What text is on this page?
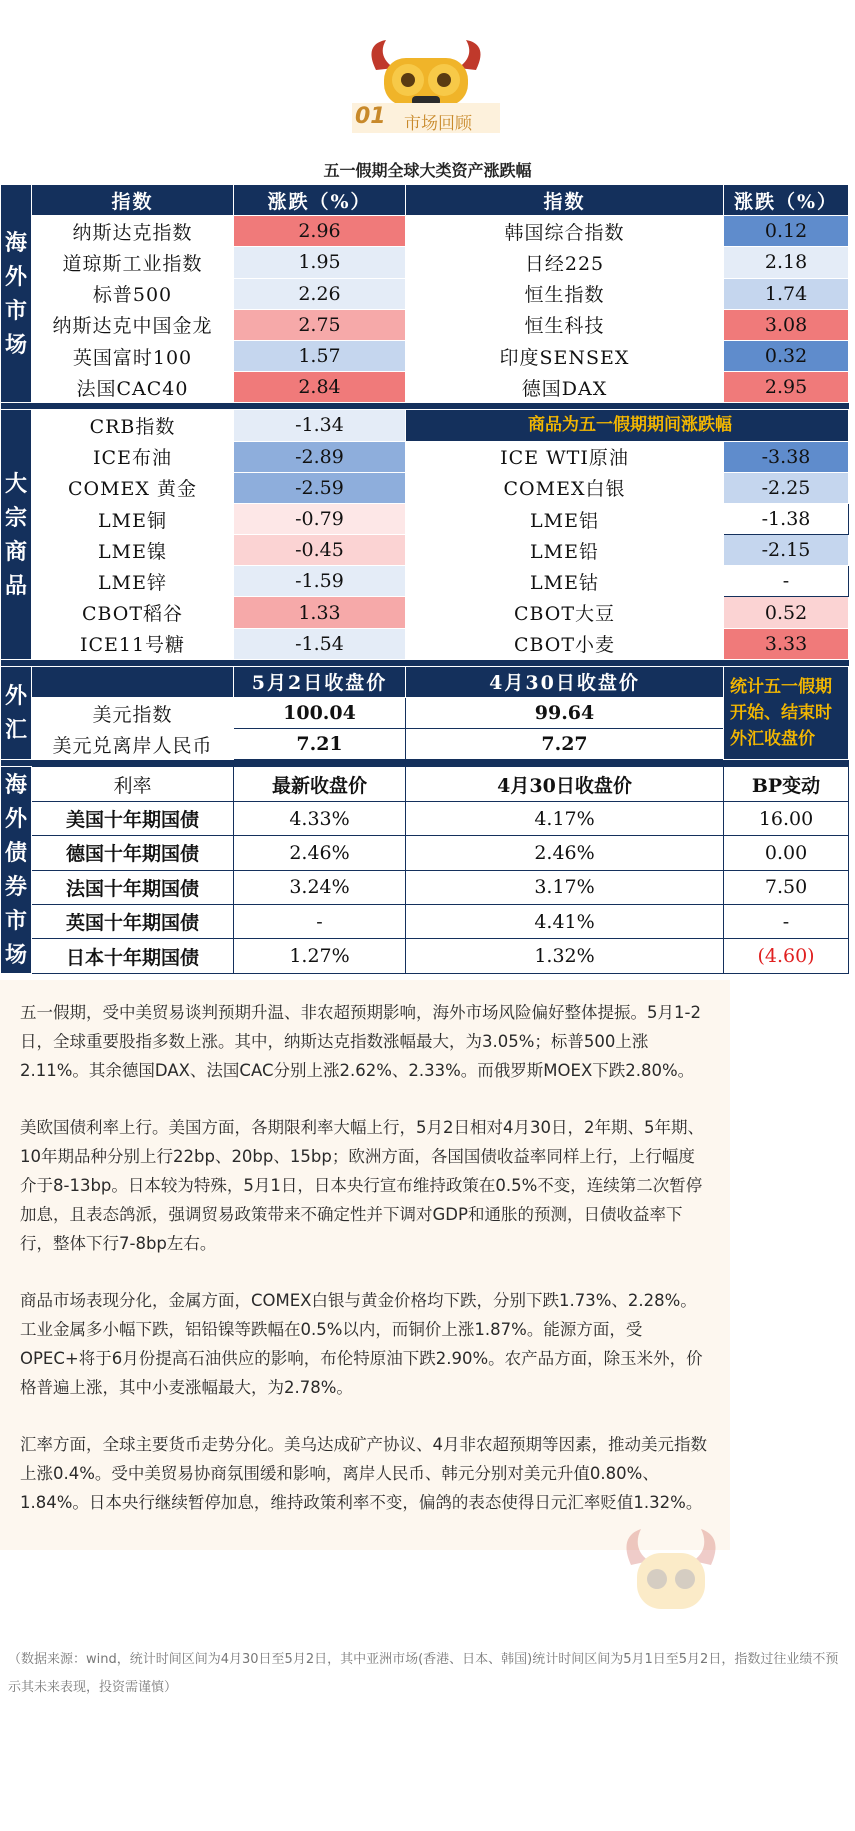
01 市场回顾
五一假期全球大类资产涨跌幅
海外市场	指数	涨跌（%）	指数	涨跌（%）
	纳斯达克指数	2.96	韩国综合指数	0.12
	道琼斯工业指数	1.95	日经225	2.18
	标普500	2.26	恒生指数	1.74
	纳斯达克中国金龙	2.75	恒生科技	3.08
	英国富时100	1.57	印度SENSEX	0.32
	法国CAC40	2.84	德国DAX	2.95

大宗商品	CRB指数	-1.34	商品为五一假期期间涨跌幅	
	ICE布油	-2.89	ICE WTI原油	-3.38
	COMEX 黄金	-2.59	COMEX白银	-2.25
	LME铜	-0.79	LME铝	-1.38
	LME镍	-0.45	LME铅	-2.15
	LME锌	-1.59	LME钴	-
	CBOT稻谷	1.33	CBOT大豆	0.52
	ICE11号糖	-1.54	CBOT小麦	3.33

外汇		5月2日收盘价	4月30日收盘价	统计五一假期开始、结束时外汇收盘价
	美元指数	100.04	99.64	
	美元兑离岸人民币	7.21	7.27	

海外债券市场	利率	最新收盘价	4月30日收盘价	BP变动
	美国十年期国债	4.33%	4.17%	16.00
	德国十年期国债	2.46%	2.46%	0.00
	法国十年期国债	3.24%	3.17%	7.50
	英国十年期国债	-	4.41%	-
	日本十年期国债	1.27%	1.32%	(4.60)

五一假期，受中美贸易谈判预期升温、非农超预期影响，海外市场风险偏好整体提振。5月1-2日，全球重要股指多数上涨。其中，纳斯达克指数涨幅最大，为3.05%；标普500上涨2.11%。其余德国DAX、法国CAC分别上涨2.62%、2.33%。而俄罗斯MOEX下跌2.80%。

美欧国债利率上行。美国方面，各期限利率大幅上行，5月2日相对4月30日，2年期、5年期、10年期品种分别上行22bp、20bp、15bp；欧洲方面，各国国债收益率同样上行，上行幅度介于8-13bp。日本较为特殊，5月1日，日本央行宣布维持政策在0.5%不变，连续第二次暂停加息，且表态鸽派，强调贸易政策带来不确定性并下调对GDP和通胀的预测，日债收益率下行，整体下行7-8bp左右。

商品市场表现分化，金属方面，COMEX白银与黄金价格均下跌，分别下跌1.73%、2.28%。工业金属多小幅下跌，铝铅镍等跌幅在0.5%以内，而铜价上涨1.87%。能源方面，受OPEC+将于6月份提高石油供应的影响，布伦特原油下跌2.90%。农产品方面，除玉米外，价格普遍上涨，其中小麦涨幅最大，为2.78%。

汇率方面，全球主要货币走势分化。美乌达成矿产协议、4月非农超预期等因素，推动美元指数上涨0.4%。受中美贸易协商氛围缓和影响，离岸人民币、韩元分别对美元升值0.80%、1.84%。日本央行继续暂停加息，维持政策利率不变，偏鸽的表态使得日元汇率贬值1.32%。

（数据来源：wind，统计时间区间为4月30日至5月2日，其中亚洲市场(香港、日本、韩国)统计时间区间为5月1日至5月2日，指数过往业绩不预示其未来表现，投资需谨慎）
